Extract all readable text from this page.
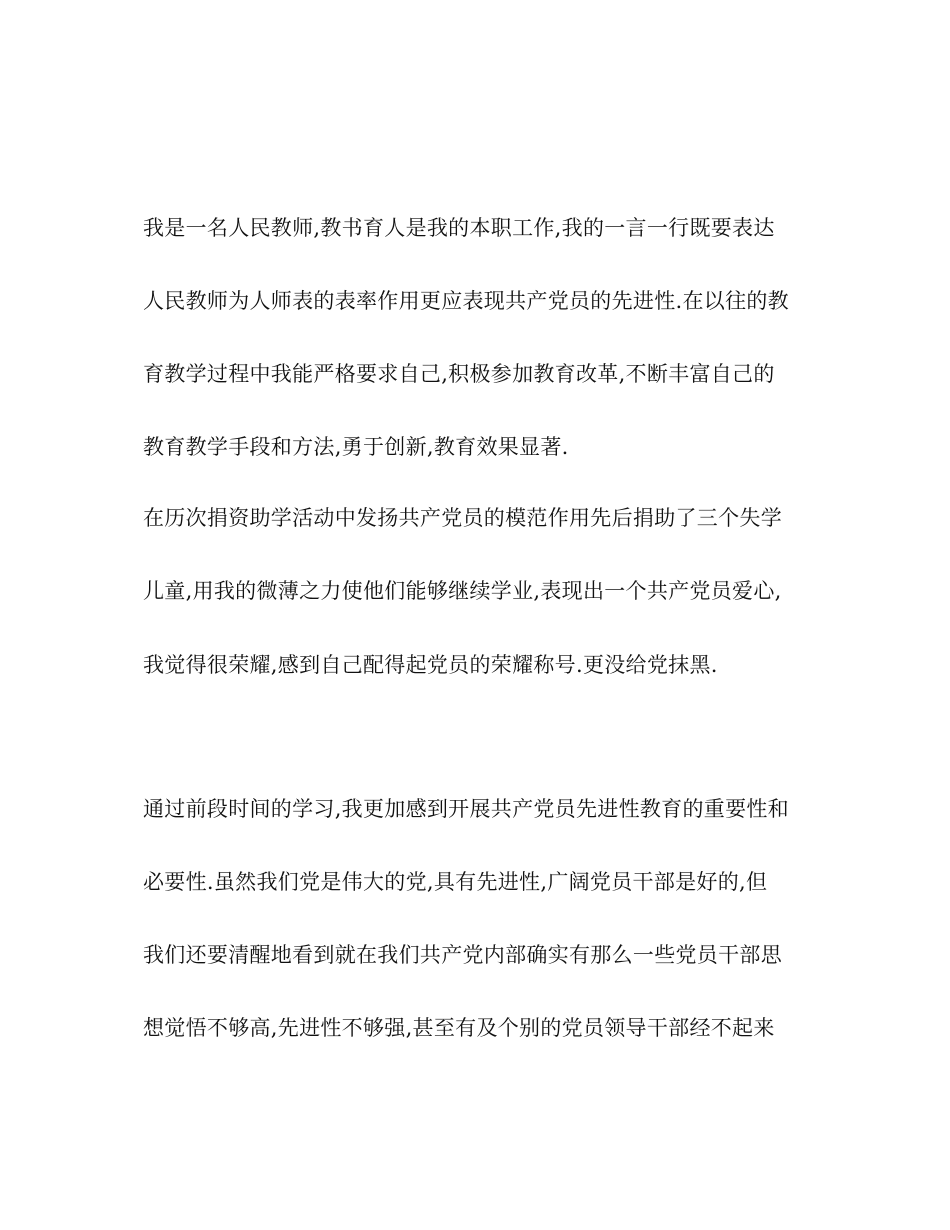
我是一名人民教师,教书育人是我的本职工作,我的一言一行既要表达
人民教师为人师表的表率作用更应表现共产党员的先进性.在以往的教
育教学过程中我能严格要求自己,积极参加教育改革,不断丰富自己的
教育教学手段和方法,勇于创新,教育效果显著.
在历次捐资助学活动中发扬共产党员的模范作用先后捐助了三个失学
儿童,用我的微薄之力使他们能够继续学业,表现出一个共产党员爱心,
我觉得很荣耀,感到自己配得起党员的荣耀称号.更没给党抹黑.
通过前段时间的学习,我更加感到开展共产党员先进性教育的重要性和
必要性.虽然我们党是伟大的党,具有先进性,广阔党员干部是好的,但
我们还要清醒地看到就在我们共产党内部确实有那么一些党员干部思
想觉悟不够高,先进性不够强,甚至有及个别的党员领导干部经不起来
